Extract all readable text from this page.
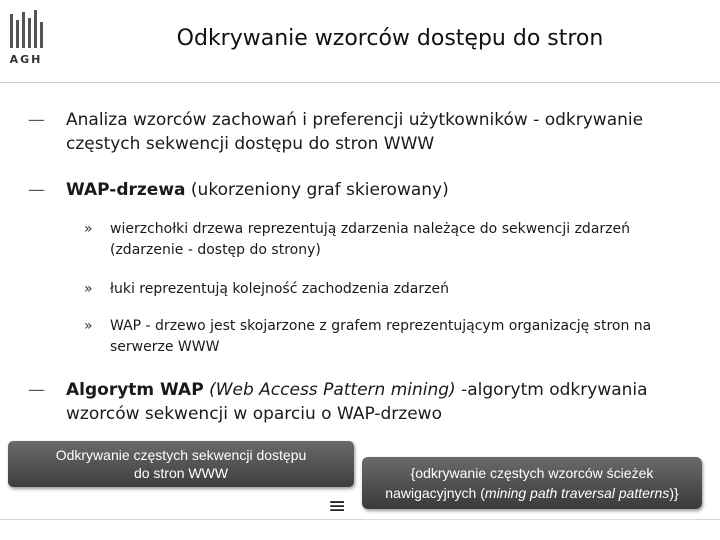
AGH
Odkrywanie wzorców dostępu do stron
— Analiza wzorców zachowań i preferencji użytkowników - odkrywanie częstych sekwencji dostępu do stron WWW
— WAP-drzewa (ukorzeniony graf skierowany)
» wierzchołki drzewa reprezentują zdarzenia należące do sekwencji zdarzeń (zdarzenie - dostęp do strony)
» łuki reprezentują kolejność zachodzenia zdarzeń
» WAP - drzewo jest skojarzone z grafem reprezentującym organizację stron na serwerze WWW
— Algorytm WAP (Web Access Pattern mining) -algorytm odkrywania wzorców sekwencji w oparciu o WAP-drzewo
Odkrywanie częstych sekwencji dostępu
do stron WWW
≡
{odkrywanie częstych wzorców ścieżek
nawigacyjnych (mining path traversal patterns)}
